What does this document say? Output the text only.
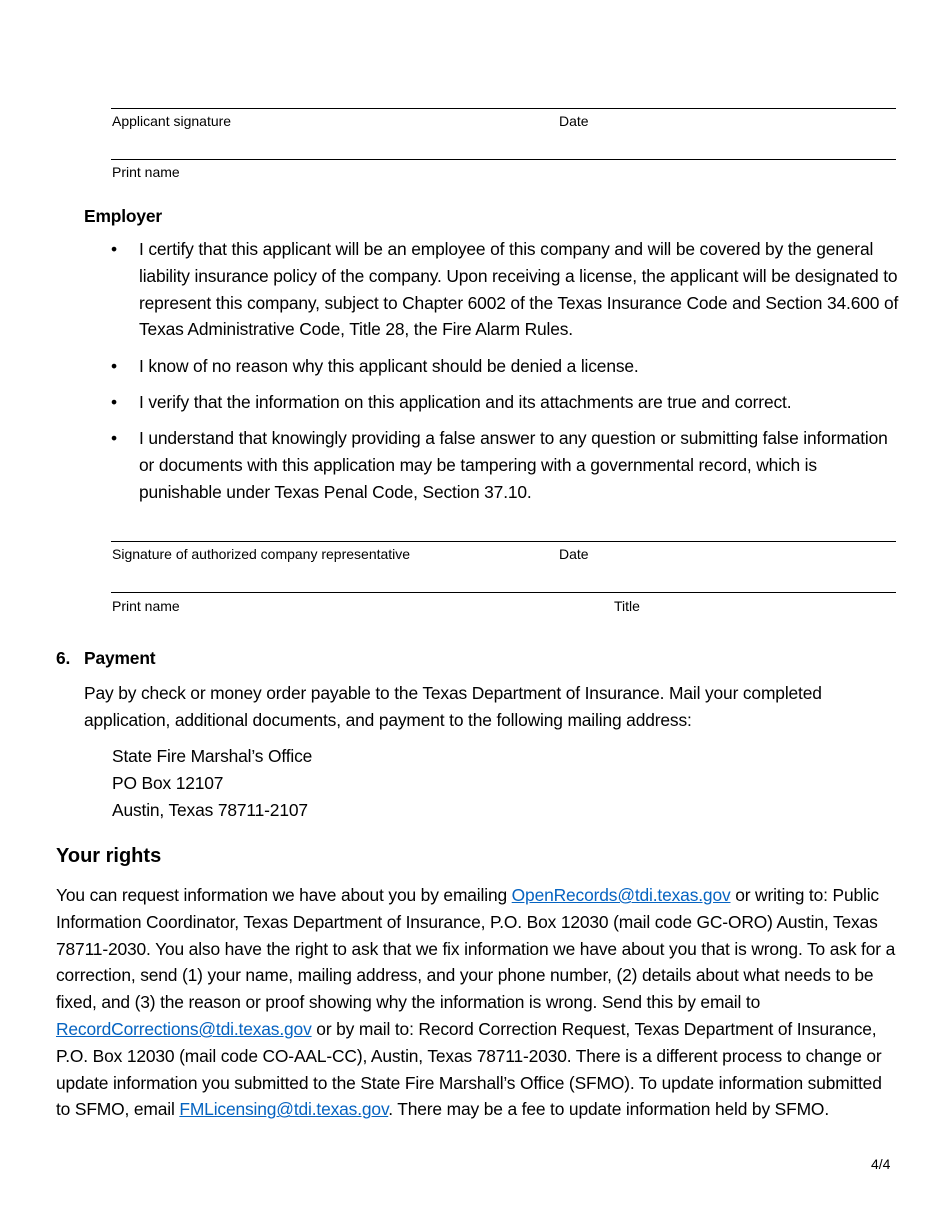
Applicant signature	Date
Print name
Employer
• I certify that this applicant will be an employee of this company and will be covered by the general liability insurance policy of the company. Upon receiving a license, the applicant will be designated to represent this company, subject to Chapter 6002 of the Texas Insurance Code and Section 34.600 of Texas Administrative Code, Title 28, the Fire Alarm Rules.
• I know of no reason why this applicant should be denied a license.
• I verify that the information on this application and its attachments are true and correct.
• I understand that knowingly providing a false answer to any question or submitting false information or documents with this application may be tampering with a governmental record, which is punishable under Texas Penal Code, Section 37.10.
Signature of authorized company representative	Date
Print name	Title
6. Payment

Pay by check or money order payable to the Texas Department of Insurance. Mail your completed application, additional documents, and payment to the following mailing address:

State Fire Marshal’s Office
PO Box 12107
Austin, Texas 78711-2107
Your rights

You can request information we have about you by emailing OpenRecords@tdi.texas.gov or writing to: Public Information Coordinator, Texas Department of Insurance, P.O. Box 12030 (mail code GC-ORO) Austin, Texas 78711-2030. You also have the right to ask that we fix information we have about you that is wrong. To ask for a correction, send (1) your name, mailing address, and your phone number, (2) details about what needs to be fixed, and (3) the reason or proof showing why the information is wrong. Send this by email to RecordCorrections@tdi.texas.gov or by mail to: Record Correction Request, Texas Department of Insurance, P.O. Box 12030 (mail code CO-AAL-CC), Austin, Texas 78711-2030. There is a different process to change or update information you submitted to the State Fire Marshall’s Office (SFMO). To update information submitted to SFMO, email FMLicensing@tdi.texas.gov. There may be a fee to update information held by SFMO.

4/4
